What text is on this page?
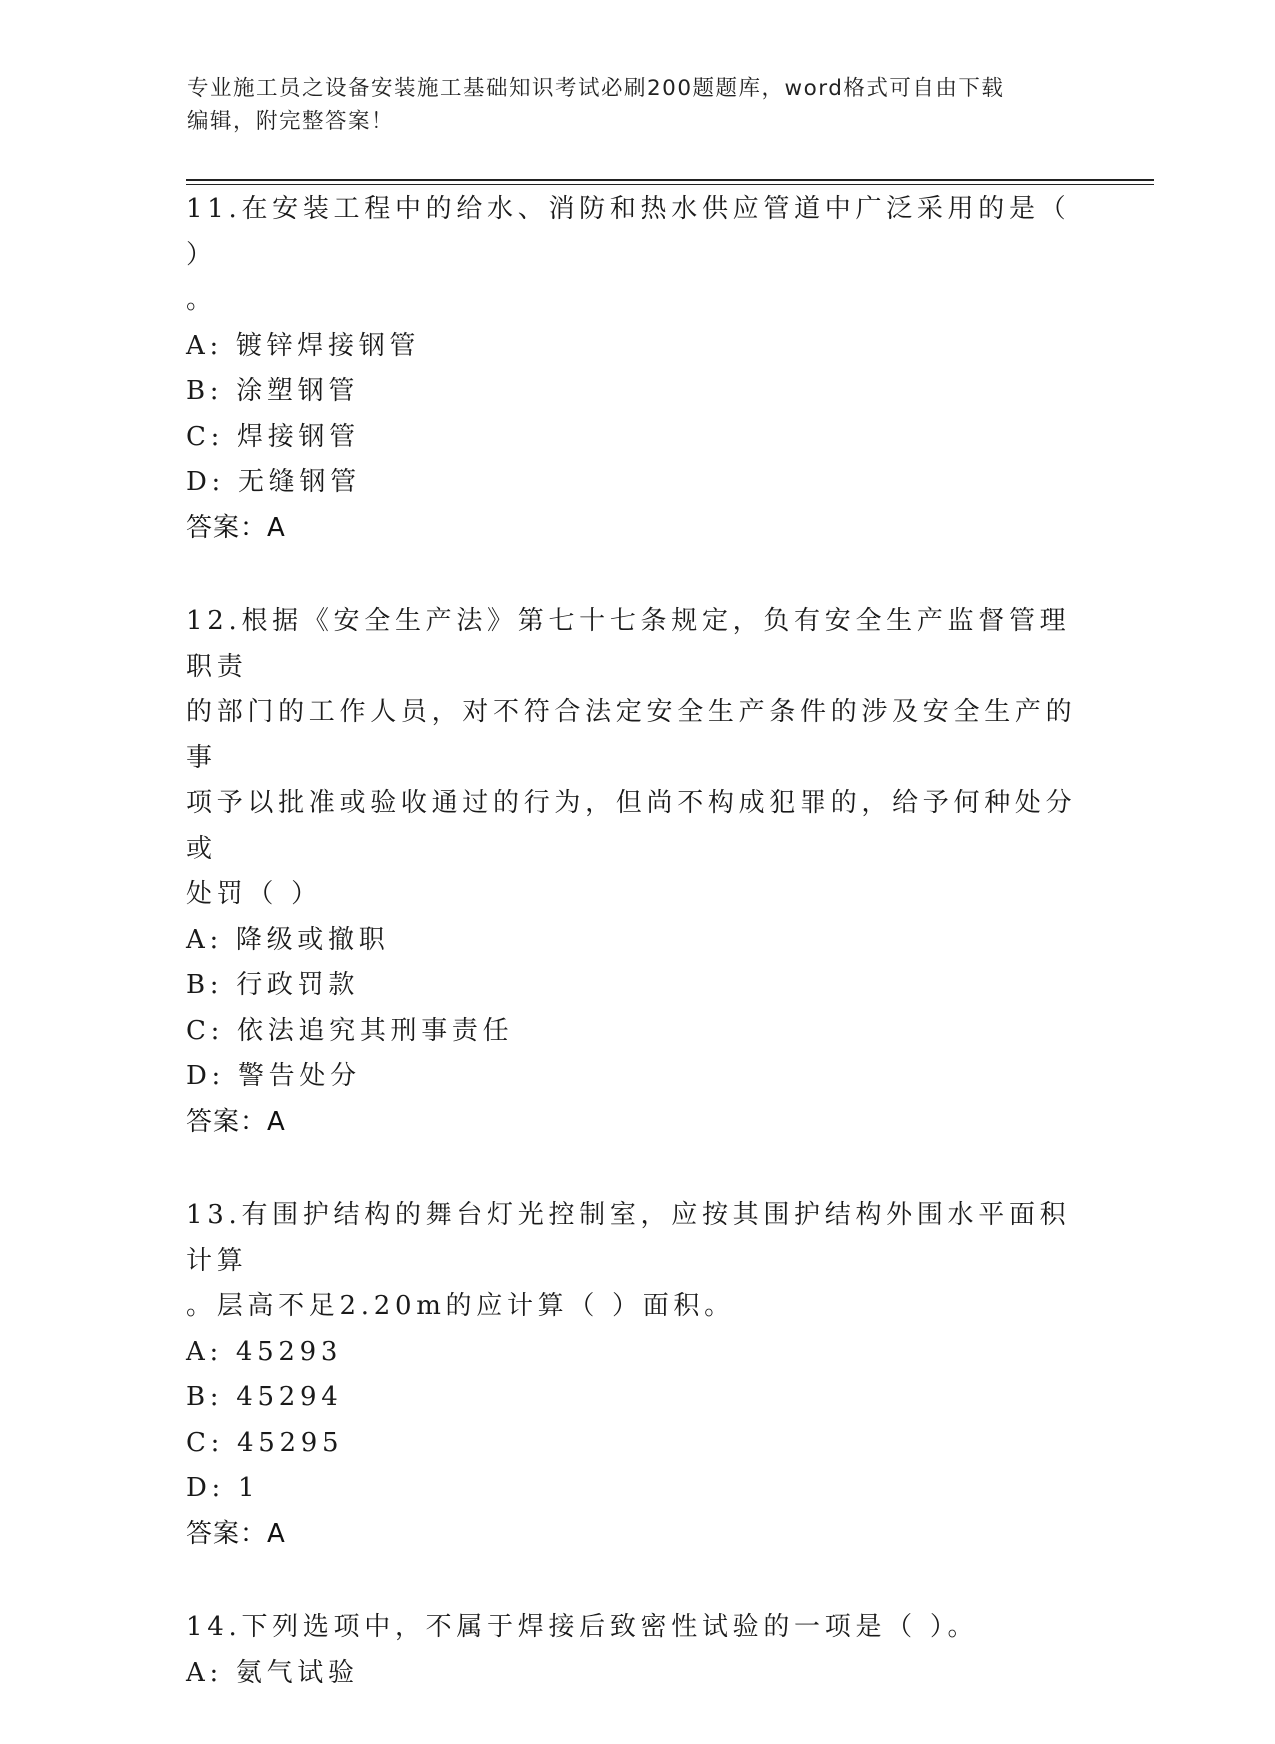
专业施工员之设备安装施工基础知识考试必刷200题题库，word格式可自由下载
编辑，附完整答案！

11.在安装工程中的给水、消防和热水供应管道中广泛采用的是（ ）

。

A: 镀锌焊接钢管

B: 涂塑钢管

C: 焊接钢管

D: 无缝钢管

答案：A

12.根据《安全生产法》第七十七条规定，负有安全生产监督管理职责

的部门的工作人员，对不符合法定安全生产条件的涉及安全生产的事

项予以批准或验收通过的行为，但尚不构成犯罪的，给予何种处分或

处罚（ ）

A: 降级或撤职

B: 行政罚款

C: 依法追究其刑事责任

D: 警告处分

答案：A

13.有围护结构的舞台灯光控制室，应按其围护结构外围水平面积计算

。层高不足2.20m的应计算（ ）面积。

A: 45293

B: 45294

C: 45295

D: 1

答案：A

14.下列选项中，不属于焊接后致密性试验的一项是（ ）。

A: 氨气试验
